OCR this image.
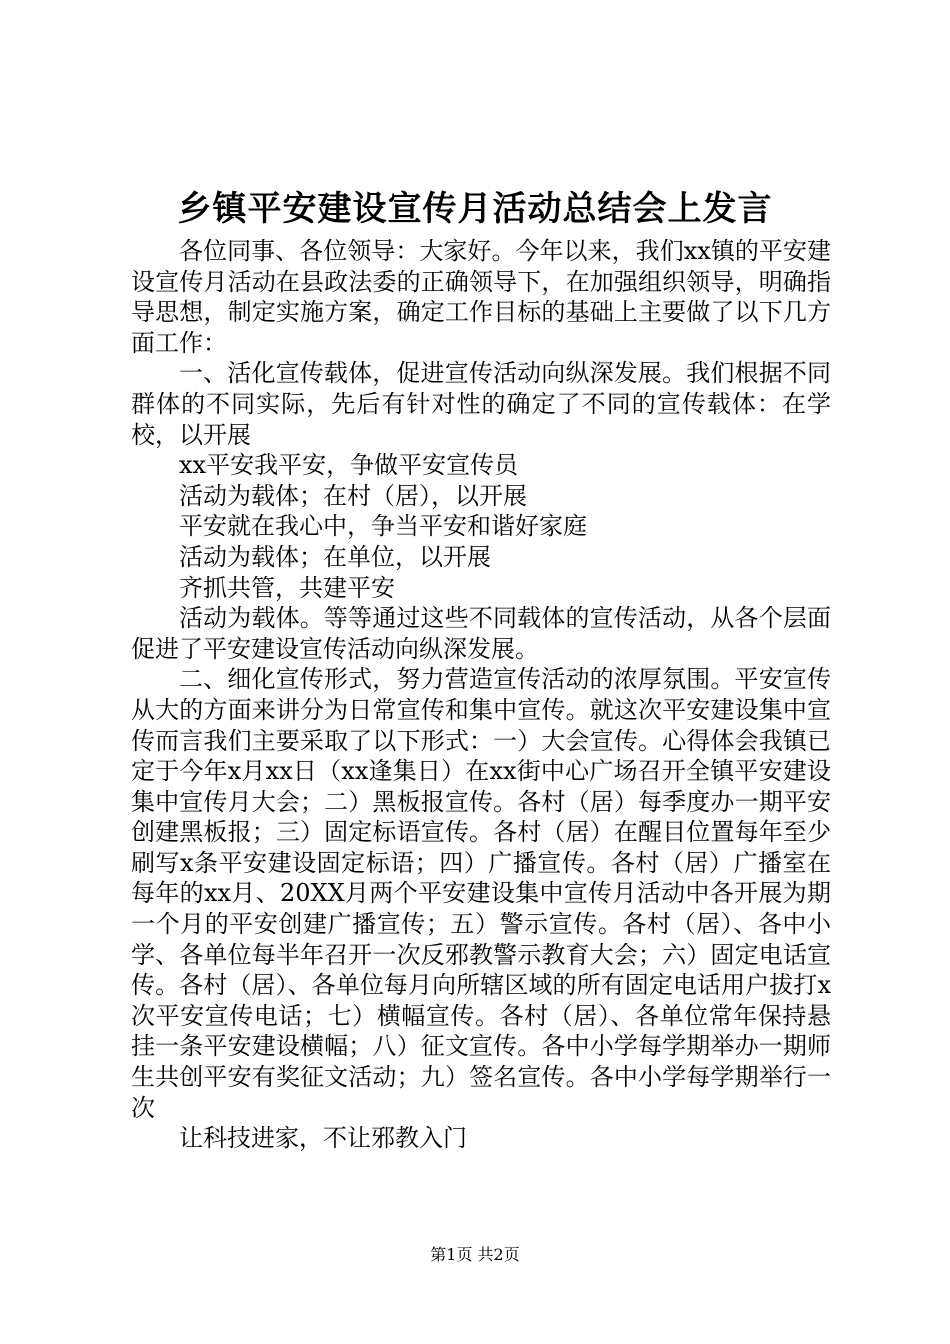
乡镇平安建设宣传月活动总结会上发言

各位同事、各位领导：大家好。今年以来，我们xx镇的平安建设宣传月活动在县政法委的正确领导下，在加强组织领导，明确指导思想，制定实施方案，确定工作目标的基础上主要做了以下几方面工作：

一、活化宣传载体，促进宣传活动向纵深发展。我们根据不同群体的不同实际，先后有针对性的确定了不同的宣传载体：在学校，以开展

xx平安我平安，争做平安宣传员

活动为载体；在村（居），以开展

平安就在我心中，争当平安和谐好家庭

活动为载体；在单位，以开展

齐抓共管，共建平安

活动为载体。等等通过这些不同载体的宣传活动，从各个层面促进了平安建设宣传活动向纵深发展。

二、细化宣传形式，努力营造宣传活动的浓厚氛围。平安宣传从大的方面来讲分为日常宣传和集中宣传。就这次平安建设集中宣传而言我们主要采取了以下形式：一）大会宣传。心得体会我镇已定于今年x月xx日（xx逢集日）在xx街中心广场召开全镇平安建设集中宣传月大会；二）黑板报宣传。各村（居）每季度办一期平安创建黑板报；三）固定标语宣传。各村（居）在醒目位置每年至少刷写x条平安建设固定标语；四）广播宣传。各村（居）广播室在每年的xx月、20XX月两个平安建设集中宣传月活动中各开展为期一个月的平安创建广播宣传；五）警示宣传。各村（居）、各中小学、各单位每半年召开一次反邪教警示教育大会；六）固定电话宣传。各村（居）、各单位每月向所辖区域的所有固定电话用户拔打x次平安宣传电话；七）横幅宣传。各村（居）、各单位常年保持悬挂一条平安建设横幅；八）征文宣传。各中小学每学期举办一期师生共创平安有奖征文活动；九）签名宣传。各中小学每学期举行一次

让科技进家，不让邪教入门

第1页 共2页
